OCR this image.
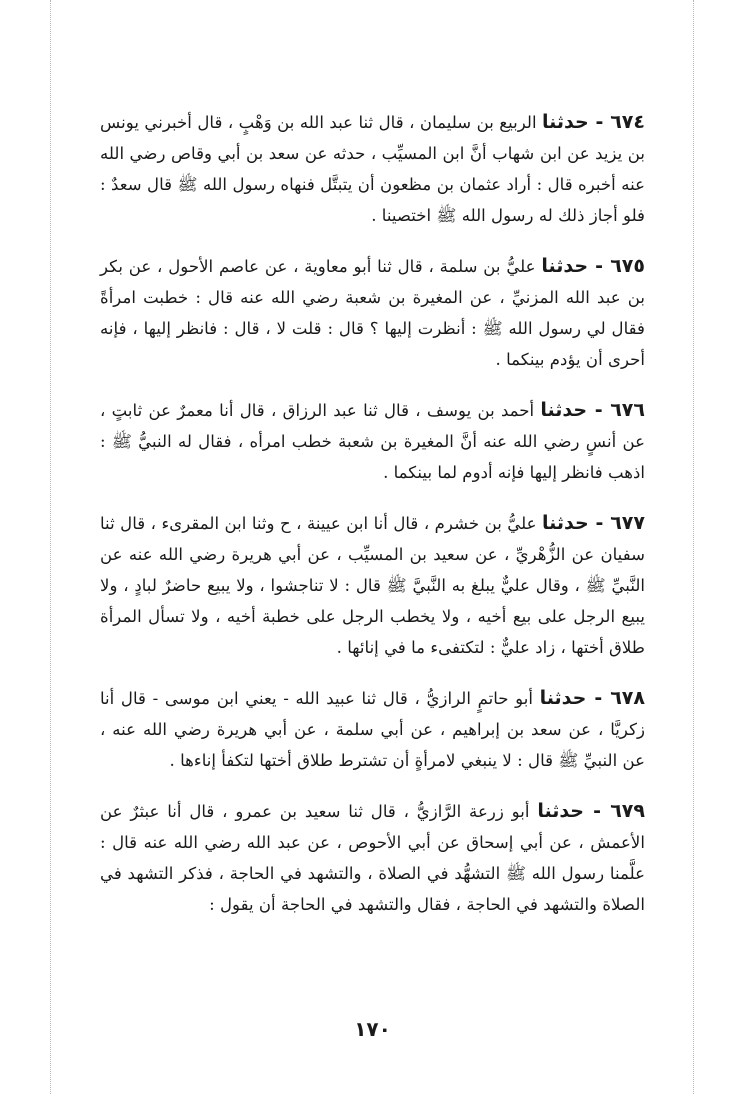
٦٧٤ - حدثنا الربيع بن سليمان ، قال ثنا عبد الله بن وَهْبٍ ، قال أخبرني يونس بن يزيد عن ابن شهاب أنَّ ابن المسيِّب ، حدثه عن سعد بن أبي وقاص رضي الله عنه أخبره قال : أراد عثمان بن مظعون أن يتبتَّل فنهاه رسول الله ﷺ قال سعدٌ : فلو أجاز ذلك له رسول الله ﷺ اختصينا .

٦٧٥ - حدثنا عليُّ بن سلمة ، قال ثنا أبو معاوية ، عن عاصم الأحول ، عن بكر بن عبد الله المزنيِّ ، عن المغيرة بن شعبة رضي الله عنه قال : خطبت امرأةً فقال لي رسول الله ﷺ : أنظرت إليها ؟ قال : قلت لا ، قال : فانظر إليها ، فإنه أحرى أن يؤدم بينكما .

٦٧٦ - حدثنا أحمد بن يوسف ، قال ثنا عبد الرزاق ، قال أنا معمرٌ عن ثابتٍ ، عن أنسٍ رضي الله عنه أنَّ المغيرة بن شعبة خطب امرأه ، فقال له النبيُّ ﷺ : اذهب فانظر إليها فإنه أدوم لما بينكما .

٦٧٧ - حدثنا عليُّ بن خشرم ، قال أنا ابن عيينة ، ح وثنا ابن المقرىء ، قال ثنا سفيان عن الزُّهْريِّ ، عن سعيد بن المسيِّب ، عن أبي هريرة رضي الله عنه عن النَّبيِّ ﷺ ، وقال عليٌّ يبلغ به النَّبيَّ ﷺ قال : لا تناجشوا ، ولا يبيع حاضرٌ لبادٍ ، ولا يبيع الرجل على بيع أخيه ، ولا يخطب الرجل على خطبة أخيه ، ولا تسأل المرأة طلاق أختها ، زاد عليٌّ : لتكتفىء ما في إنائها .

٦٧٨ - حدثنا أبو حاتمٍ الرازيُّ ، قال ثنا عبيد الله - يعني ابن موسى - قال أنا زكريَّا ، عن سعد بن إبراهيم ، عن أبي سلمة ، عن أبي هريرة رضي الله عنه ، عن النبيِّ ﷺ قال : لا ينبغي لامرأةٍ أن تشترط طلاق أختها لتكفأ إناءها .

٦٧٩ - حدثنا أبو زرعة الرَّازيُّ ، قال ثنا سعيد بن عمرو ، قال أنا عبثرٌ عن الأعمش ، عن أبي إسحاق عن أبي الأحوص ، عن عبد الله رضي الله عنه قال : علَّمنا رسول الله ﷺ التشهُّد في الصلاة ، والتشهد في الحاجة ، فذكر التشهد في الصلاة والتشهد في الحاجة ، فقال والتشهد في الحاجة أن يقول :

١٧٠
